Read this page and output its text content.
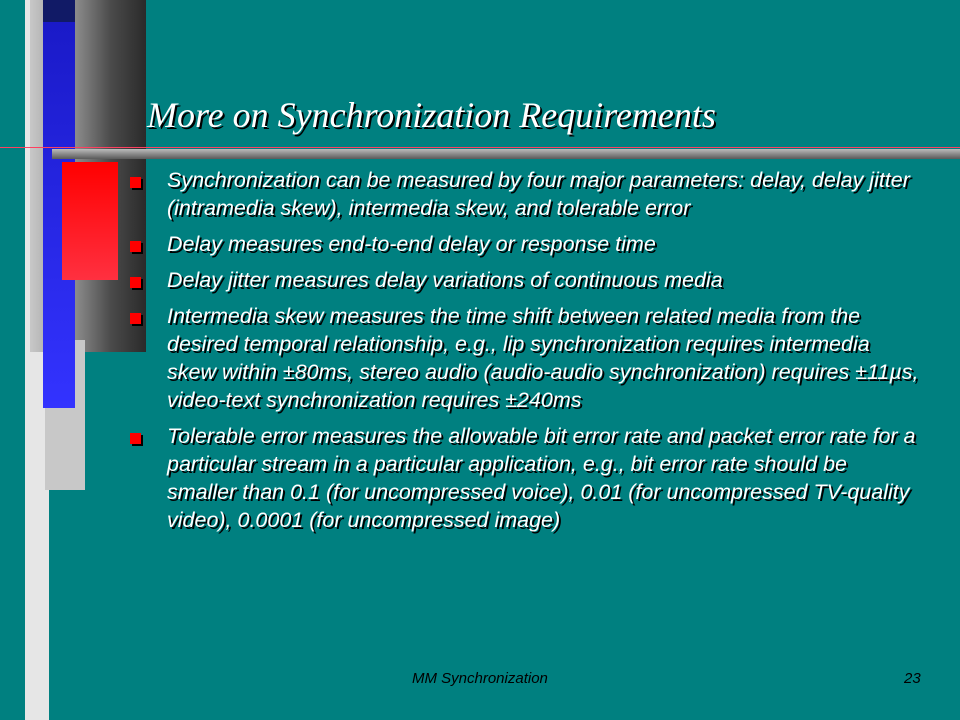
More on Synchronization Requirements
Synchronization can be measured by four major parameters: delay, delay jitter (intramedia skew), intermedia skew, and tolerable error
Delay measures end-to-end delay or response time
Delay jitter measures delay variations of continuous media
Intermedia skew measures the time shift between related media from the desired temporal relationship, e.g., lip synchronization requires intermedia skew within ±80ms, stereo audio (audio-audio synchronization) requires ±11µs, video-text synchronization requires ±240ms
Tolerable error measures the allowable bit error rate and packet error rate for a particular stream in a particular application, e.g., bit error rate should be smaller than 0.1 (for uncompressed voice), 0.01 (for uncompressed TV-quality video), 0.0001 (for uncompressed image)
MM Synchronization	23
